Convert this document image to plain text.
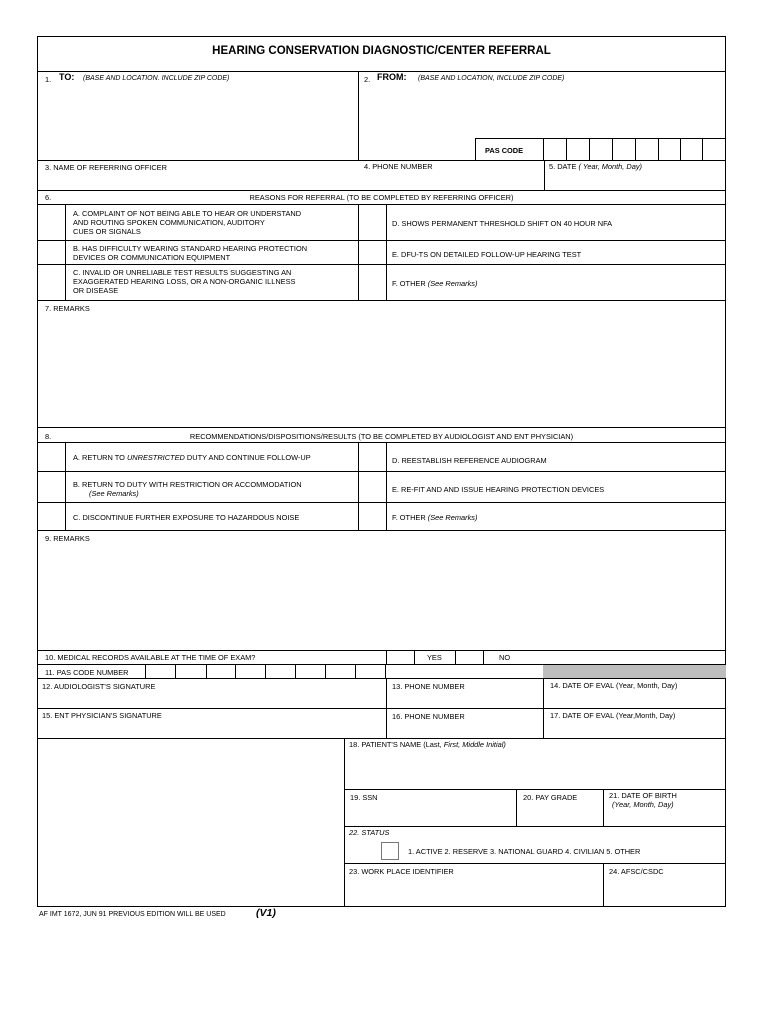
HEARING CONSERVATION DIAGNOSTIC/CENTER REFERRAL
1. TO: (BASE AND LOCATION. INCLUDE ZIP CODE)	2. FROM: (BASE AND LOCATION, INCLUDE ZIP CODE)
PAS CODE
3. NAME OF REFERRING OFFICER	4. PHONE NUMBER	5. DATE ( Year, Month, Day)
6.	REASONS FOR REFERRAL (TO BE COMPLETED BY REFERRING OFFICER)
A. COMPLAINT OF NOT BEING ABLE TO HEAR OR UNDERSTAND
AND ROUTING SPOKEN COMMUNICATION, AUDITORY
CUES OR SIGNALS
B. HAS DIFFICULTY WEARING STANDARD HEARING PROTECTION
DEVICES OR COMMUNICATION EQUIPMENT
C. INVALID OR UNRELIABLE TEST RESULTS SUGGESTING AN
EXAGGERATED HEARING LOSS, OR A NON-ORGANIC ILLNESS
OR DISEASE
D. SHOWS PERMANENT THRESHOLD SHIFT ON 40 HOUR NFA
E. DFU-TS ON DETAILED FOLLOW-UP HEARING TEST
F. OTHER (See Remarks)
7. REMARKS
8.	RECOMMENDATIONS/DISPOSITIONS/RESULTS (TO BE COMPLETED BY AUDIOLOGIST AND ENT PHYSICIAN)
A. RETURN TO UNRESTRICTED DUTY AND CONTINUE FOLLOW-UP
B. RETURN TO DUTY WITH RESTRICTION OR ACCOMMODATION
(See Remarks)
C. DISCONTINUE FURTHER EXPOSURE TO HAZARDOUS NOISE
D. REESTABLISH REFERENCE AUDIOGRAM
E. RE-FIT AND AND ISSUE HEARING PROTECTION DEVICES
F. OTHER (See Remarks)
9. REMARKS
10. MEDICAL RECORDS AVAILABLE AT THE TIME OF EXAM?	YES	NO
11. PAS CODE NUMBER
12. AUDIOLOGIST'S SIGNATURE	13. PHONE NUMBER	14. DATE OF EVAL (Year, Month, Day)
15. ENT PHYSICIAN'S SIGNATURE	16. PHONE NUMBER	17. DATE OF EVAL (Year,Month, Day)
18. PATIENT'S NAME (Last, First, Middle Initial)
19. SSN	20. PAY GRADE	21. DATE OF BIRTH
(Year, Month, Day)
22. STATUS
1. ACTIVE 2. RESERVE 3. NATIONAL GUARD 4. CIVILIAN 5. OTHER
23. WORK PLACE IDENTIFIER	24. AFSC/CSDC
AF IMT 1672, JUN 91 PREVIOUS EDITION WILL BE USED	(V1)
